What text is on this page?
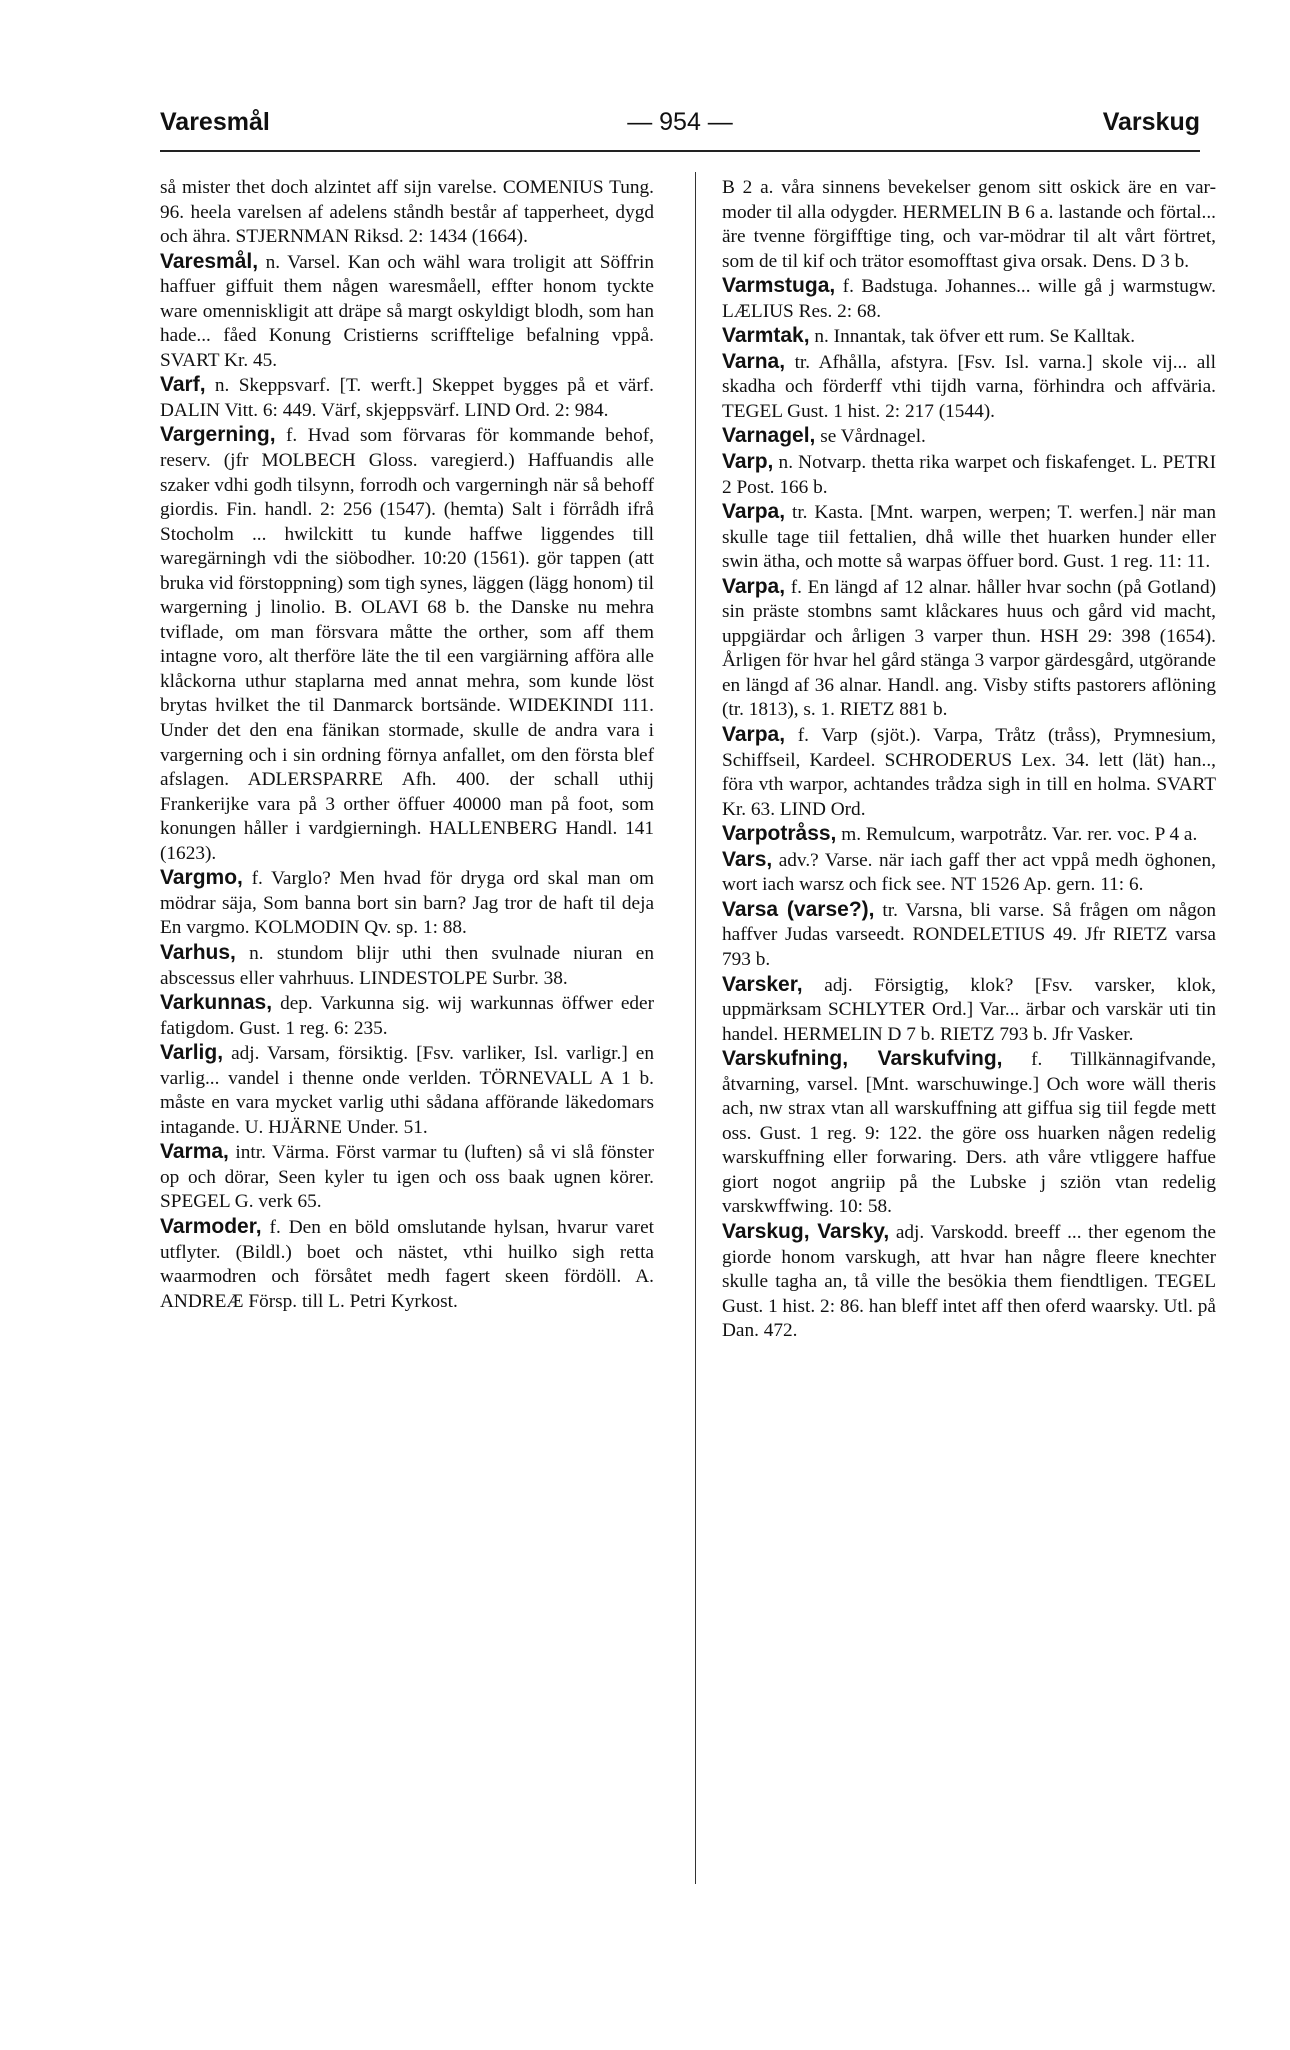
Varesmål	— 954 —	Varskug

så mister thet doch alzintet aff sijn varelse. COMENIUS Tung. 96. heela varelsen af adelens ståndh består af tapperheet, dygd och ähra. STJERNMAN Riksd. 2: 1434 (1664).

Varesmål, n. Varsel. Kan och wähl wara troligit att Söffrin haffuer giffuit them någen waresmåell, effter honom tyckte ware omenniskligit att dräpe så margt oskyldigt blodh, som han hade... fåed Konung Cristierns scrifftelige befalning vppå. SVART Kr. 45.

Varf, n. Skeppsvarf. [T. werft.] Skeppet bygges på et värf. DALIN Vitt. 6: 449. Värf, skjeppsvärf. LIND Ord. 2: 984.

Vargerning, f. Hvad som förvaras för kommande behof, reserv. (jfr MOLBECH Gloss. varegierd.) Haffuandis alle szaker vdhi godh tilsynn, forrodh och vargerningh när så behoff giordis. Fin. handl. 2: 256 (1547). (hemta) Salt i förrådh ifrå Stocholm ... hwilckitt tu kunde haffwe liggendes till waregärningh vdi the siöbodher. 10:20 (1561). gör tappen (att bruka vid förstoppning) som tigh synes, läggen (lägg honom) til wargerning j linolio. B. OLAVI 68 b. the Danske nu mehra tviflade, om man försvara måtte the orther, som aff them intagne voro, alt therföre läte the til een vargiärning afföra alle klåckorna uthur staplarna med annat mehra, som kunde löst brytas hvilket the til Danmarck bortsände. WIDEKINDI 111. Under det den ena fänikan stormade, skulle de andra vara i vargerning och i sin ordning förnya anfallet, om den första blef afslagen. ADLERSPARRE Afh. 400. der schall uthij Frankerijke vara på 3 orther öffuer 40000 man på foot, som konungen håller i vardgierningh. HALLENBERG Handl. 141 (1623).

Vargmo, f. Varglo? Men hvad för dryga ord skal man om mödrar säja, Som banna bort sin barn? Jag tror de haft til deja En vargmo. KOLMODIN Qv. sp. 1: 88.

Varhus, n. stundom blijr uthi then svulnade niuran en abscessus eller vahrhuus. LINDESTOLPE Surbr. 38.

Varkunnas, dep. Varkunna sig. wij warkunnas öffwer eder fatigdom. Gust. 1 reg. 6: 235.

Varlig, adj. Varsam, försiktig. [Fsv. varliker, Isl. varligr.] en varlig... vandel i thenne onde verlden. TÖRNEVALL A 1 b. måste en vara mycket varlig uthi sådana afförande läkedomars intagande. U. HJÄRNE Under. 51.

Varma, intr. Värma. Först varmar tu (luften) så vi slå fönster op och dörar, Seen kyler tu igen och oss baak ugnen körer. SPEGEL G. verk 65.

Varmoder, f. Den en böld omslutande hylsan, hvarur varet utflyter. (Bildl.) boet och nästet, vthi huilko sigh retta waarmodren och försåtet medh fagert skeen fördöll. A. ANDREÆ Försp. till L. Petri Kyrkost.

B 2 a. våra sinnens bevekelser genom sitt oskick äre en var-moder til alla odygder. HERMELIN B 6 a. lastande och förtal... äre tvenne förgifftige ting, och var-mödrar til alt vårt förtret, som de til kif och trätor esomofftast giva orsak. Dens. D 3 b.

Varmstuga, f. Badstuga. Johannes... wille gå j warmstugw. LÆLIUS Res. 2: 68.

Varmtak, n. Innantak, tak öfver ett rum. Se Kalltak.

Varna, tr. Afhålla, afstyra. [Fsv. Isl. varna.] skole vij... all skadha och förderff vthi tijdh varna, förhindra och affväria. TEGEL Gust. 1 hist. 2: 217 (1544).

Varnagel, se Vårdnagel.

Varp, n. Notvarp. thetta rika warpet och fiskafenget. L. PETRI 2 Post. 166 b.

Varpa, tr. Kasta. [Mnt. warpen, werpen; T. werfen.] när man skulle tage tiil fettalien, dhå wille thet huarken hunder eller swin ätha, och motte så warpas öffuer bord. Gust. 1 reg. 11: 11.

Varpa, f. En längd af 12 alnar. håller hvar sochn (på Gotland) sin präste stombns samt klåckares huus och gård vid macht, uppgiärdar och årligen 3 varper thun. HSH 29: 398 (1654). Årligen för hvar hel gård stänga 3 varpor gärdesgård, utgörande en längd af 36 alnar. Handl. ang. Visby stifts pastorers aflöning (tr. 1813), s. 1. RIETZ 881 b.

Varpa, f. Varp (sjöt.). Varpa, Tråtz (tråss), Prymnesium, Schiffseil, Kardeel. SCHRODERUS Lex. 34. lett (lät) han.., föra vth warpor, achtandes trådza sigh in till en holma. SVART Kr. 63. LIND Ord.

Varpotråss, m. Remulcum, warpotråtz. Var. rer. voc. P 4 a.

Vars, adv.? Varse. när iach gaff ther act vppå medh öghonen, wort iach warsz och fick see. NT 1526 Ap. gern. 11: 6.

Varsa (varse?), tr. Varsna, bli varse. Så frågen om någon haffver Judas varseedt. RONDELETIUS 49. Jfr RIETZ varsa 793 b.

Varsker, adj. Försigtig, klok? [Fsv. varsker, klok, uppmärksam SCHLYTER Ord.] Var... ärbar och varskär uti tin handel. HERMELIN D 7 b. RIETZ 793 b. Jfr Vasker.

Varskufning, Varskufving, f. Tillkännagifvande, åtvarning, varsel. [Mnt. warschuwinge.] Och wore wäll theris ach, nw strax vtan all warskuffning att giffua sig tiil fegde mett oss. Gust. 1 reg. 9: 122. the göre oss huarken någen redelig warskuffning eller forwaring. Ders. ath våre vtliggere haffue giort nogot angriip på the Lubske j sziön vtan redelig varskwffwing. 10: 58.

Varskug, Varsky, adj. Varskodd. breeff ... ther egenom the giorde honom varskugh, att hvar han någre fleere knechter skulle tagha an, tå ville the besökia them fiendtligen. TEGEL Gust. 1 hist. 2: 86. han bleff intet aff then oferd waarsky. Utl. på Dan. 472.
